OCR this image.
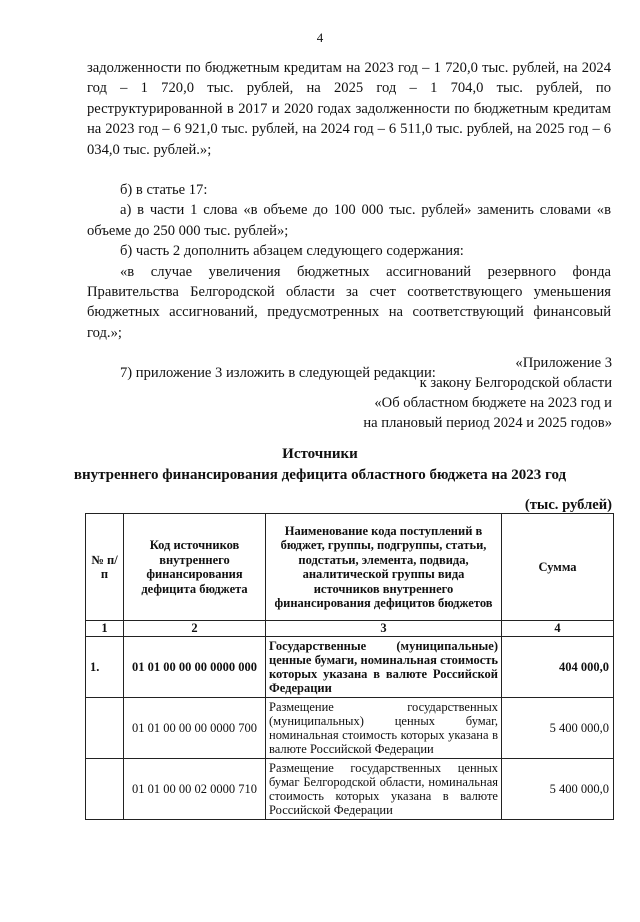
4

задолженности по бюджетным кредитам на 2023 год – 1 720,0 тыс. рублей, на 2024 год – 1 720,0 тыс. рублей, на 2025 год – 1 704,0 тыс. рублей, по реструктурированной в 2017 и 2020 годах задолженности по бюджетным кредитам на 2023 год – 6 921,0 тыс. рублей, на 2024 год – 6 511,0 тыс. рублей, на 2025 год – 6 034,0 тыс. рублей.»;

б) в статье 17:

а) в части 1 слова «в объеме до 100 000 тыс. рублей» заменить словами «в объеме до 250 000 тыс. рублей»;

б) часть 2 дополнить абзацем следующего содержания:

«в случае увеличения бюджетных ассигнований резервного фонда Правительства Белгородской области за счет соответствующего уменьшения бюджетных ассигнований, предусмотренных на соответствующий финансовый год.»;

7) приложение 3 изложить в следующей редакции:

«Приложение 3
к закону Белгородской области
«Об областном бюджете на 2023 год и
на плановый период 2024 и 2025 годов»
Источники
внутреннего финансирования дефицита областного бюджета на 2023 год
(тыс. рублей)
№ п/п	Код источников внутреннего финансирования дефицита бюджета	Наименование кода поступлений в бюджет, группы, подгруппы, статьи, подстатьи, элемента, подвида, аналитической группы вида источников внутреннего финансирования дефицитов бюджетов	Сумма
1	2	3	4
1.	01 01 00 00 00 0000 000	Государственные (муниципальные) ценные бумаги, номинальная стоимость которых указана в валюте Российской Федерации	404 000,0
	01 01 00 00 00 0000 700	Размещение государственных (муниципальных) ценных бумаг, номинальная стоимость которых указана в валюте Российской Федерации	5 400 000,0
	01 01 00 00 02 0000 710	Размещение государственных ценных бумаг Белгородской области, номинальная стоимость которых указана в валюте Российской Федерации	5 400 000,0
